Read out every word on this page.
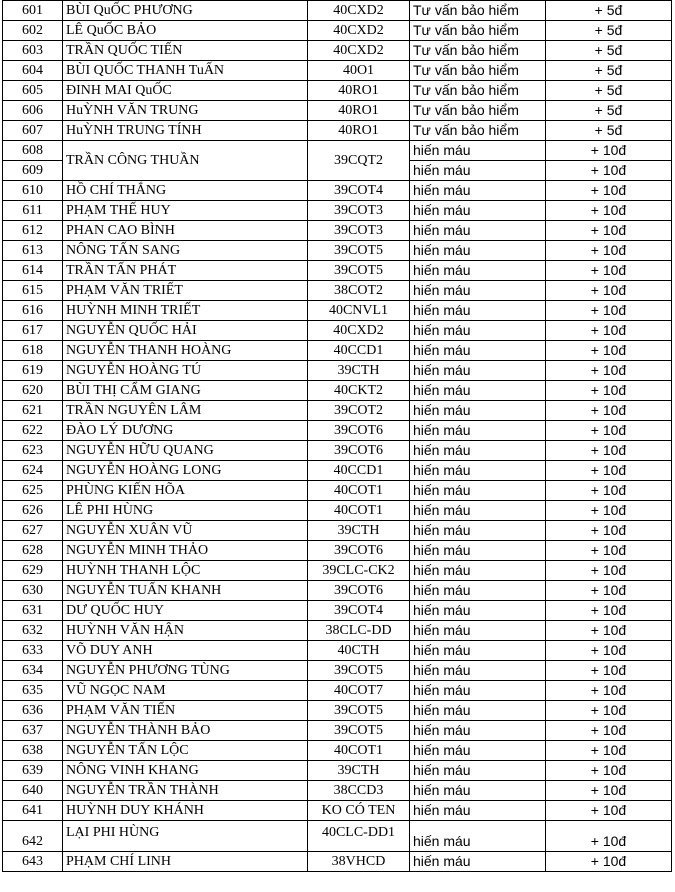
601	BÙI QuỐC PHƯƠNG	40CXD2	Tư vấn bảo hiểm	+ 5đ
602	LÊ QuỐC BẢO	40CXD2	Tư vấn bảo hiểm	+ 5đ
603	TRẦN QUỐC TIẾN	40CXD2	Tư vấn bảo hiểm	+ 5đ
604	BÙI QUỐC THANH TuẤN	40O1	Tư vấn bảo hiểm	+ 5đ
605	ĐINH MAI QuỐC	40RO1	Tư vấn bảo hiểm	+ 5đ
606	HuỲNH VĂN TRUNG	40RO1	Tư vấn bảo hiểm	+ 5đ
607	HuỲNH TRUNG TÍNH	40RO1	Tư vấn bảo hiểm	+ 5đ
608	TRẦN CÔNG THUẦN	39CQT2	hiến máu	+ 10đ
609			hiến máu	+ 10đ
610	HỒ CHÍ THẮNG	39COT4	hiến máu	+ 10đ
611	PHẠM THẾ HUY	39COT3	hiến máu	+ 10đ
612	PHAN CAO BÌNH	39COT3	hiến máu	+ 10đ
613	NÔNG TẤN SANG	39COT5	hiến máu	+ 10đ
614	TRẦN TẤN PHÁT	39COT5	hiến máu	+ 10đ
615	PHẠM VĂN TRIẾT	38COT2	hiến máu	+ 10đ
616	HUỲNH MINH TRIẾT	40CNVL1	hiến máu	+ 10đ
617	NGUYỄN QUỐC HẢI	40CXD2	hiến máu	+ 10đ
618	NGUYỄN THANH HOÀNG	40CCD1	hiến máu	+ 10đ
619	NGUYỄN HOÀNG TÚ	39CTH	hiến máu	+ 10đ
620	BÙI THỊ CẨM GIANG	40CKT2	hiến máu	+ 10đ
621	TRẦN NGUYÊN LÂM	39COT2	hiến máu	+ 10đ
622	ĐÀO LÝ DƯƠNG	39COT6	hiến máu	+ 10đ
623	NGUYỄN HỮU QUANG	39COT6	hiến máu	+ 10đ
624	NGUYỄN HOÀNG LONG	40CCD1	hiến máu	+ 10đ
625	PHÙNG KIẾN HÕA	40COT1	hiến máu	+ 10đ
626	LÊ PHI HÙNG	40COT1	hiến máu	+ 10đ
627	NGUYỄN XUÂN VŨ	39CTH	hiến máu	+ 10đ
628	NGUYỄN MINH THẢO	39COT6	hiến máu	+ 10đ
629	HUỲNH THANH LỘC	39CLC-CK2	hiến máu	+ 10đ
630	NGUYỄN TUẤN KHANH	39COT6	hiến máu	+ 10đ
631	DƯ QUỐC HUY	39COT4	hiến máu	+ 10đ
632	HUỲNH VĂN HẬN	38CLC-DD	hiến máu	+ 10đ
633	VÕ DUY ANH	40CTH	hiến máu	+ 10đ
634	NGUYỄN PHƯƠNG TÙNG	39COT5	hiến máu	+ 10đ
635	VŨ NGỌC NAM	40COT7	hiến máu	+ 10đ
636	PHẠM VĂN TIẾN	39COT5	hiến máu	+ 10đ
637	NGUYỄN THÀNH BẢO	39COT5	hiến máu	+ 10đ
638	NGUYỄN TẤN LỘC	40COT1	hiến máu	+ 10đ
639	NÔNG VINH KHANG	39CTH	hiến máu	+ 10đ
640	NGUYỄN TRẦN THÀNH	38CCD3	hiến máu	+ 10đ
641	HUỲNH DUY KHÁNH	KO CÓ TEN	hiến máu	+ 10đ
642	LẠI PHI HÙNG	40CLC-DD1	hiến máu	+ 10đ
643	PHẠM CHÍ LINH	38VHCD	hiến máu	+ 10đ
